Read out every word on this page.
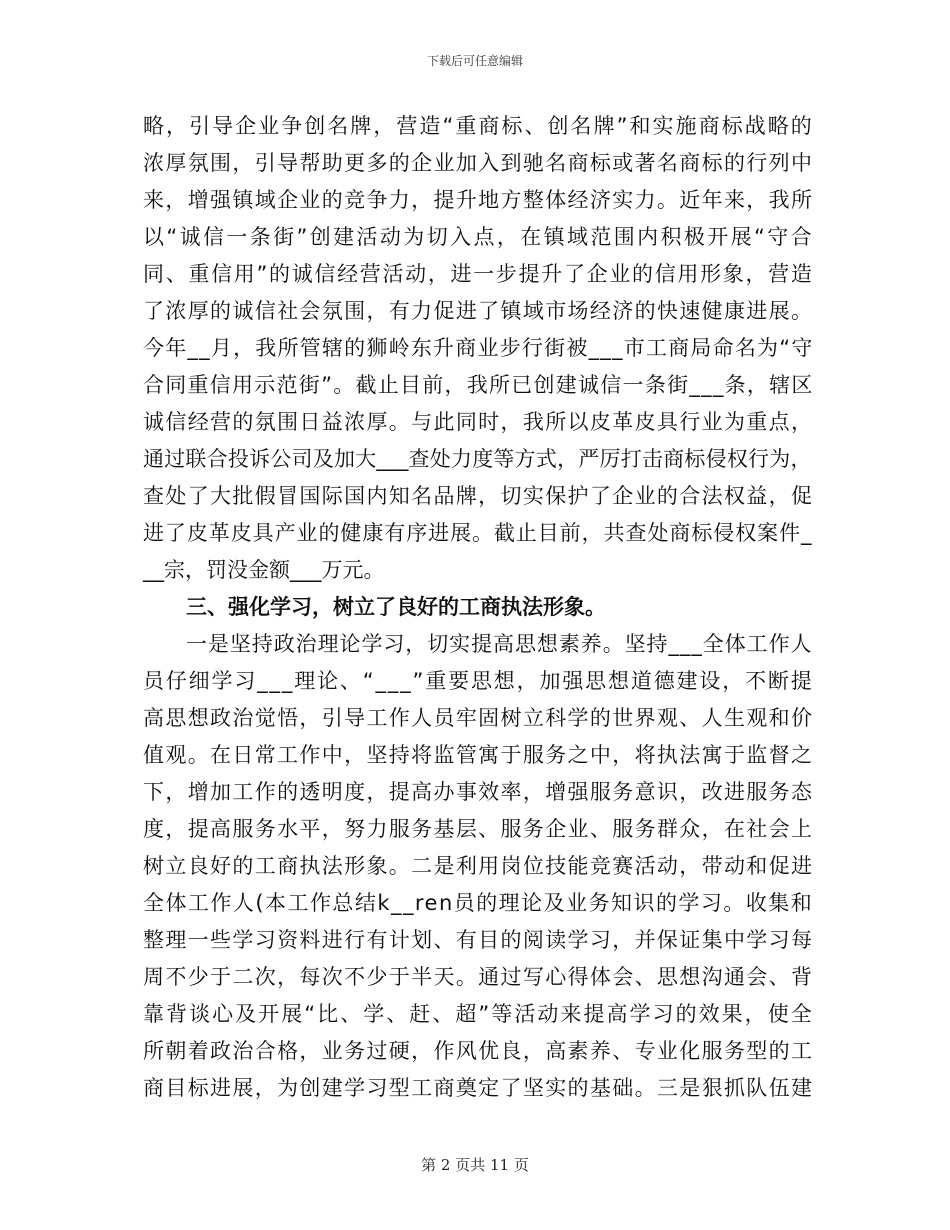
下载后可任意编辑
略，引导企业争创名牌，营造“重商标、创名牌”和实施商标战略的
浓厚氛围，引导帮助更多的企业加入到驰名商标或著名商标的行列中
来，增强镇域企业的竞争力，提升地方整体经济实力。近年来，我所
以“诚信一条街”创建活动为切入点，在镇域范围内积极开展“守合
同、重信用”的诚信经营活动，进一步提升了企业的信用形象，营造
了浓厚的诚信社会氛围，有力促进了镇域市场经济的快速健康进展。
今年__月，我所管辖的狮岭东升商业步行街被___市工商局命名为“守
合同重信用示范街”。截止目前，我所已创建诚信一条街___条，辖区
诚信经营的氛围日益浓厚。与此同时，我所以皮革皮具行业为重点，
通过联合投诉公司及加大___查处力度等方式，严厉打击商标侵权行为，
查处了大批假冒国际国内知名品牌，切实保护了企业的合法权益，促
进了皮革皮具产业的健康有序进展。截止目前，共查处商标侵权案件_
__宗，罚没金额___万元。
三、强化学习，树立了良好的工商执法形象。
一是坚持政治理论学习，切实提高思想素养。坚持___全体工作人
员仔细学习___理论、“___”重要思想，加强思想道德建设，不断提
高思想政治觉悟，引导工作人员牢固树立科学的世界观、人生观和价
值观。在日常工作中，坚持将监管寓于服务之中，将执法寓于监督之
下，增加工作的透明度，提高办事效率，增强服务意识，改进服务态
度，提高服务水平，努力服务基层、服务企业、服务群众，在社会上
树立良好的工商执法形象。二是利用岗位技能竞赛活动，带动和促进
全体工作人(本工作总结k__ren员的理论及业务知识的学习。收集和
整理一些学习资料进行有计划、有目的阅读学习，并保证集中学习每
周不少于二次，每次不少于半天。通过写心得体会、思想沟通会、背
靠背谈心及开展“比、学、赶、超”等活动来提高学习的效果，使全
所朝着政治合格，业务过硬，作风优良，高素养、专业化服务型的工
商目标进展，为创建学习型工商奠定了坚实的基础。三是狠抓队伍建
第 2 页共 11 页
